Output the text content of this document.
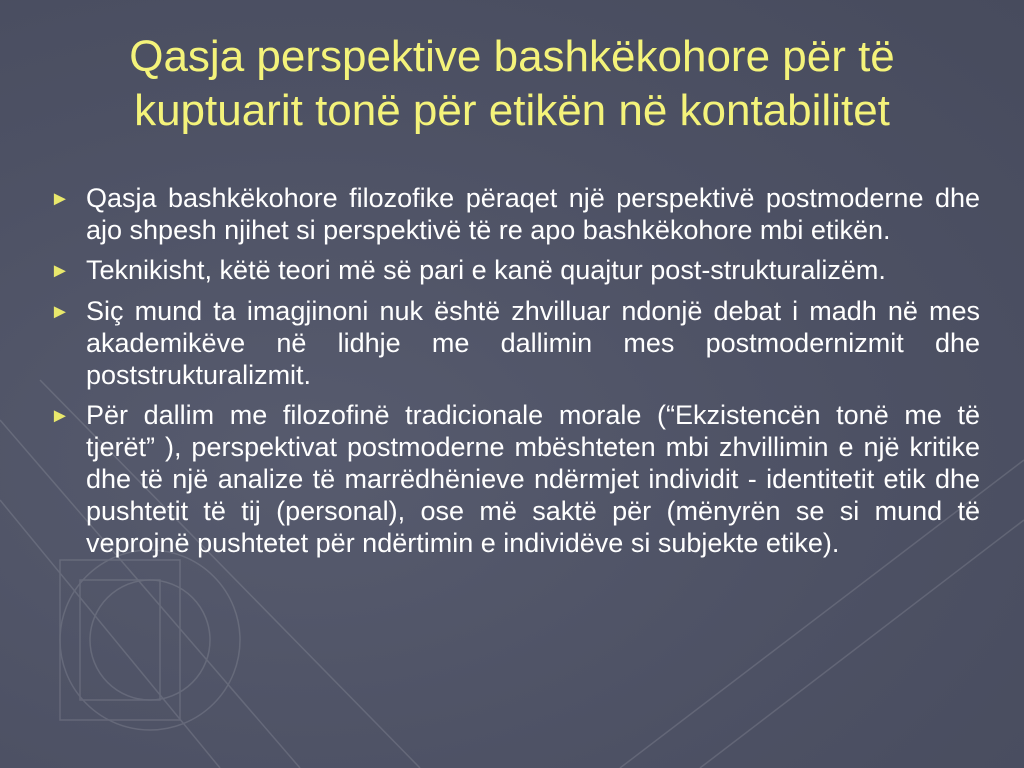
Qasja perspektive bashkëkohore për të kuptuarit tonë për etikën në kontabilitet
► Qasja bashkëkohore filozofike përaqet një perspektivë postmoderne dhe ajo shpesh njihet si perspektivë të re apo bashkëkohore mbi etikën.

► Teknikisht, këtë teori më së pari e kanë quajtur post-strukturalizëm.

► Siç mund ta imagjinoni nuk është zhvilluar ndonjë debat i madh në mes akademikëve në lidhje me dallimin mes postmodernizmit dhe poststrukturalizmit.

► Për dallim me filozofinë tradicionale morale (“Ekzistencën tonë me të tjerët” ), perspektivat postmoderne mbështeten mbi zhvillimin e një kritike dhe të një analize të marrëdhënieve ndërmjet individit - identitetit etik dhe pushtetit të tij (personal), ose më saktë për (mënyrën se si mund të veprojnë pushtetet për ndërtimin e individëve si subjekte etike).
